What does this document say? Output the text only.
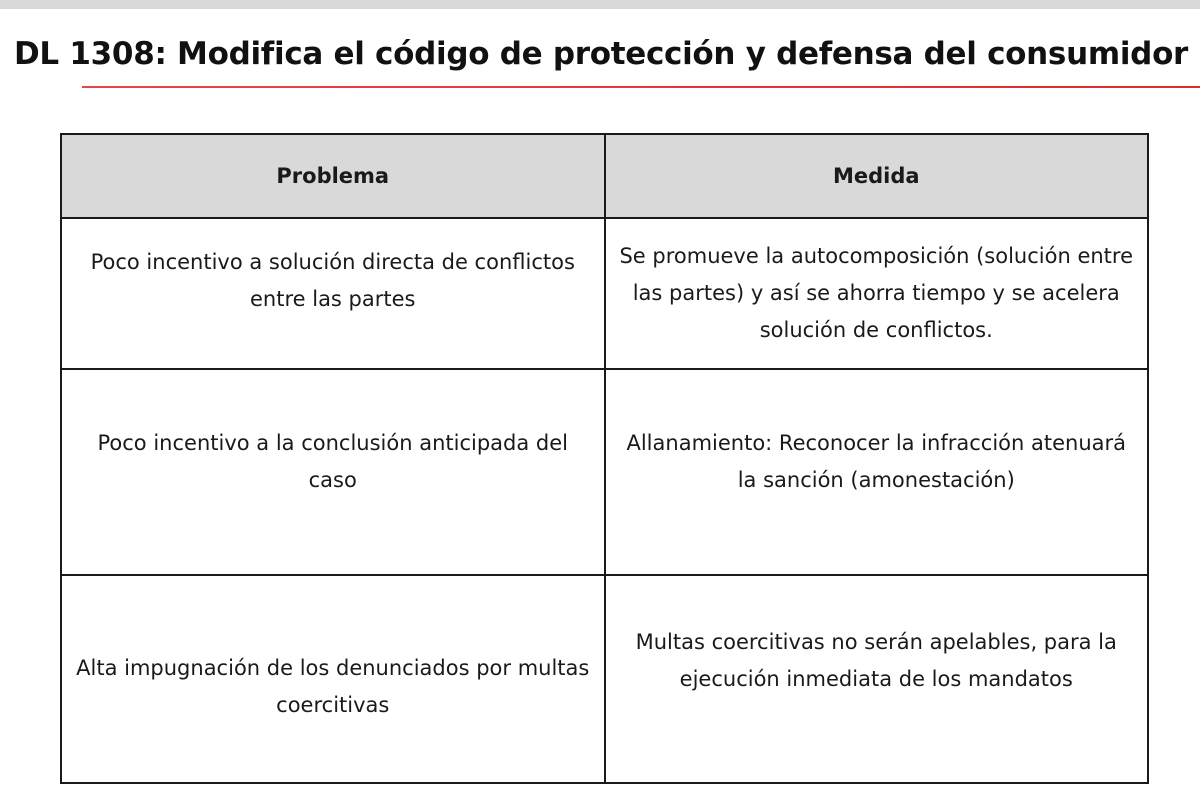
DL 1308: Modifica el código de protección y defensa del consumidor
Problema	Medida
Poco incentivo a solución directa de conflictos entre las partes	Se promueve la autocomposición (solución entre las partes) y así se ahorra tiempo y se acelera solución de conflictos.
Poco incentivo a la conclusión anticipada del caso	Allanamiento: Reconocer la infracción atenuará la sanción (amonestación)
Alta impugnación de los denunciados por multas coercitivas	Multas coercitivas no serán apelables, para la ejecución inmediata de los mandatos
